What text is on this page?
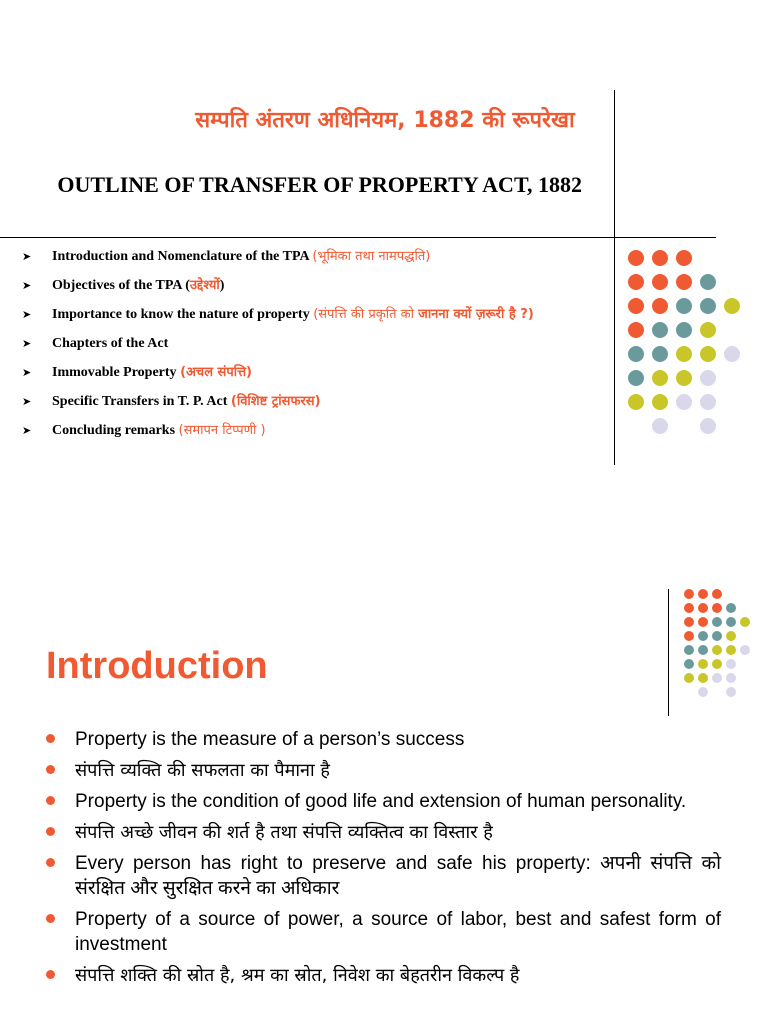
सम्पति अंतरण अधिनियम, 1882 की रूपरेखा
OUTLINE OF TRANSFER OF PROPERTY ACT, 1882
➤ Introduction and Nomenclature of the TPA (भूमिका तथा नामपद्धति)
➤ Objectives of the TPA (उद्देश्यों)
➤ Importance to know the nature of property (संपत्ति की प्रकृति को जानना क्यों ज़रूरी है ?)
➤ Chapters of the Act
➤ Immovable Property (अचल संपत्ति)
➤ Specific Transfers in T. P. Act (विशिष्ट ट्रांसफरस)
➤ Concluding remarks (समापन टिप्पणी )
Introduction
Property is the measure of a person’s success
संपत्ति व्यक्ति की सफलता का पैमाना है
Property is the condition of good life and extension of human personality.
संपत्ति अच्छे जीवन की शर्त है तथा संपत्ति व्यक्तित्व का विस्तार है
Every person has right to preserve and safe his property: अपनी संपत्ति को संरक्षित और सुरक्षित करने का अधिकार
Property of a source of power, a source of labor, best and safest form of investment
संपत्ति शक्ति की स्रोत है, श्रम का स्रोत, निवेश का बेहतरीन विकल्प है
